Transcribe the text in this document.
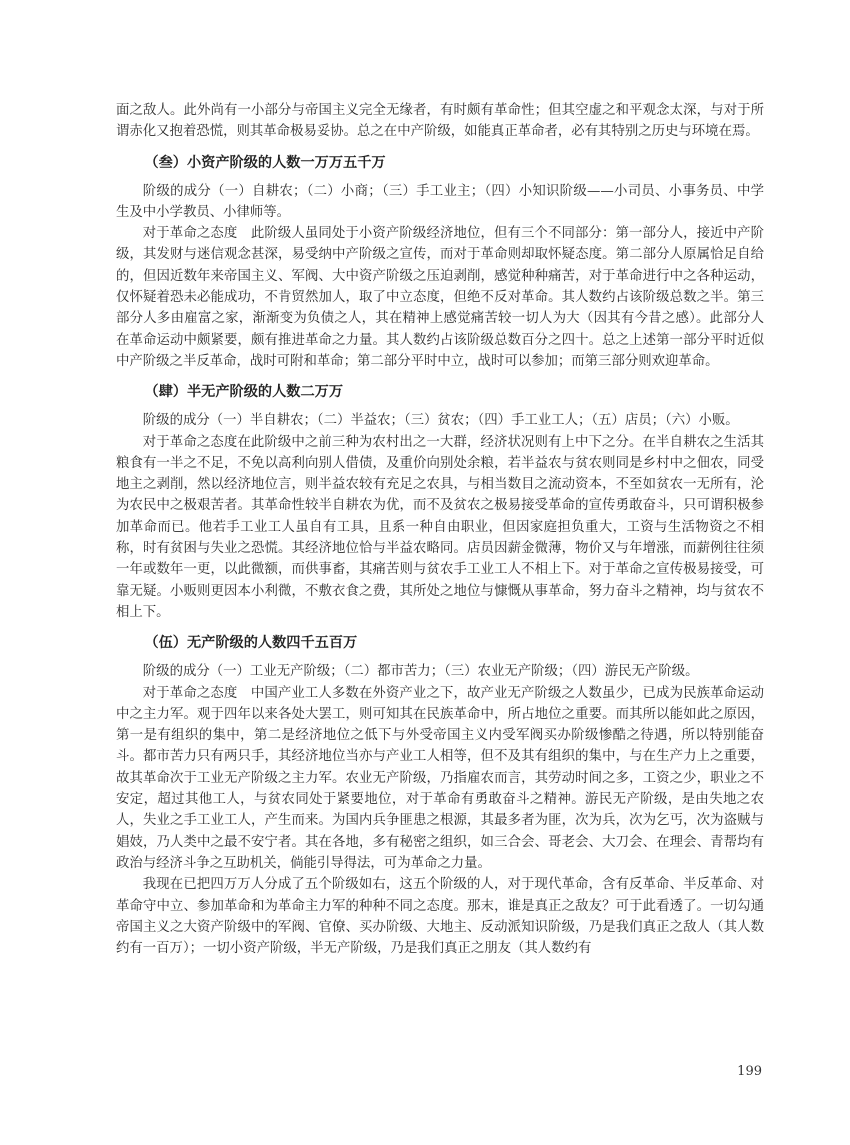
面之敌人。此外尚有一小部分与帝国主义完全无缘者，有时颇有革命性；但其空虚之和平观念太深，与对于所谓赤化又抱着恐慌，则其革命极易妥协。总之在中产阶级，如能真正革命者，必有其特别之历史与环境在焉。

（叁）小资产阶级的人数一万万五千万

阶级的成分（一）自耕农；（二）小商；（三）手工业主；（四）小知识阶级——小司员、小事务员、中学生及中小学教员、小律师等。

对于革命之态度　此阶级人虽同处于小资产阶级经济地位，但有三个不同部分：第一部分人，接近中产阶级，其发财与迷信观念甚深，易受纳中产阶级之宣传，而对于革命则却取怀疑态度。第二部分人原属恰足自给的，但因近数年来帝国主义、军阀、大中资产阶级之压迫剥削，感觉种种痛苦，对于革命进行中之各种运动，仅怀疑着恐未必能成功，不肯贸然加人，取了中立态度，但绝不反对革命。其人数约占该阶级总数之半。第三部分人多由雇富之家，渐渐变为负债之人，其在精神上感觉痛苦较一切人为大（因其有今昔之感）。此部分人在革命运动中颇紧要，颇有推进革命之力量。其人数约占该阶级总数百分之四十。总之上述第一部分平时近似中产阶级之半反革命，战时可附和革命；第二部分平时中立，战时可以参加；而第三部分则欢迎革命。

（肆）半无产阶级的人数二万万

阶级的成分（一）半自耕农；（二）半益农；（三）贫农；（四）手工业工人；（五）店员；（六）小贩。

对于革命之态度在此阶级中之前三种为农村出之一大群，经济状况则有上中下之分。在半自耕农之生活其粮食有一半之不足，不免以高利向别人借债，及重价向别处余粮，若半益农与贫农则同是乡村中之佃农，同受地主之剥削，然以经济地位言，则半益农较有充足之农具，与相当数目之流动资本，不至如贫农一无所有，沦为农民中之极艰苦者。其革命性较半自耕农为优，而不及贫农之极易接受革命的宣传勇敢奋斗，只可谓积极参加革命而已。他若手工业工人虽自有工具，且系一种自由职业，但因家庭担负重大，工资与生活物资之不相称，时有贫困与失业之恐慌。其经济地位恰与半益农略同。店员因薪金微薄，物价又与年增涨，而薪例往往须一年或数年一更，以此微额，而供事畜，其痛苦则与贫农手工业工人不相上下。对于革命之宣传极易接受，可靠无疑。小贩则更因本小利微，不敷衣食之费，其所处之地位与慷慨从事革命，努力奋斗之精神，均与贫农不相上下。

（伍）无产阶级的人数四千五百万

阶级的成分（一）工业无产阶级；（二）都市苦力；（三）农业无产阶级；（四）游民无产阶级。

对于革命之态度　中国产业工人多数在外资产业之下，故产业无产阶级之人数虽少，已成为民族革命运动中之主力军。观于四年以来各处大罢工，则可知其在民族革命中，所占地位之重要。而其所以能如此之原因，第一是有组织的集中，第二是经济地位之低下与外受帝国主义内受军阀买办阶级惨酷之待遇，所以特别能奋斗。都市苦力只有两只手，其经济地位当亦与产业工人相等，但不及其有组织的集中，与在生产力上之重要，故其革命次于工业无产阶级之主力军。农业无产阶级，乃指雇农而言，其劳动时间之多，工资之少，职业之不安定，超过其他工人，与贫农同处于紧要地位，对于革命有勇敢奋斗之精神。游民无产阶级，是由失地之农人，失业之手工业工人，产生而来。为国内兵争匪患之根源，其最多者为匪，次为兵，次为乞丐，次为盗贼与娼妓，乃人类中之最不安宁者。其在各地，多有秘密之组织，如三合会、哥老会、大刀会、在理会、青帮均有政治与经济斗争之互助机关，倘能引导得法，可为革命之力量。

我现在已把四万万人分成了五个阶级如右，这五个阶级的人，对于现代革命，含有反革命、半反革命、对革命守中立、参加革命和为革命主力军的种种不同之态度。那末，谁是真正之敌友？可于此看透了。一切勾通帝国主义之大资产阶级中的军阀、官僚、买办阶级、大地主、反动派知识阶级，乃是我们真正之敌人（其人数约有一百万）；一切小资产阶级，半无产阶级，乃是我们真正之朋友（其人数约有

199
